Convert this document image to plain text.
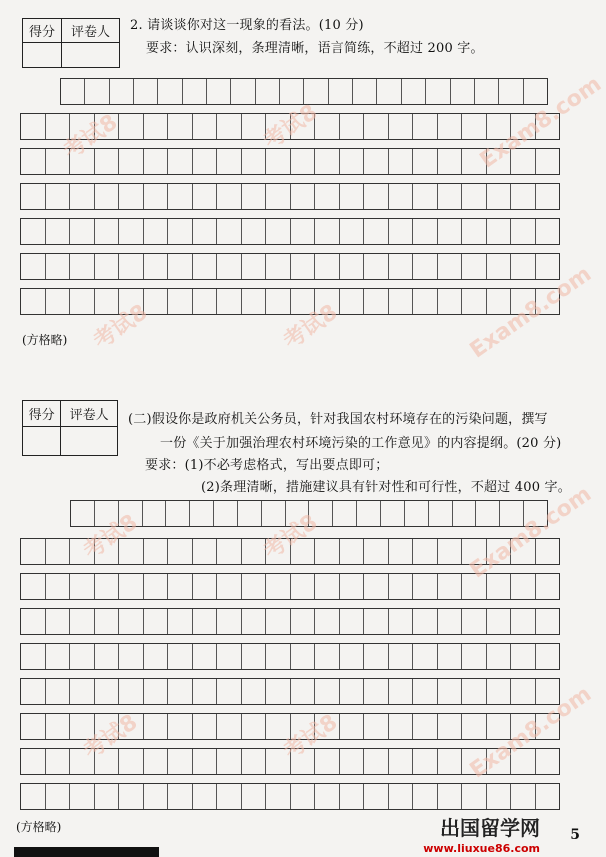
得分	评卷人
	2. 请谈谈你对这一现象的看法。(10 分)
要求：认识深刻，条理清晰，语言简练，不超过 200 字。
(方格略)
得分	评卷人
	(二)假设你是政府机关公务员，针对我国农村环境存在的污染问题，撰写
一份《关于加强治理农村环境污染的工作意见》的内容提纲。(20 分)
要求：(1)不必考虑格式，写出要点即可；
(2)条理清晰，措施建议具有针对性和可行性，不超过 400 字。
(方格略)
考试8	考试8	Exam8.com
考试8	考试8	Exam8.com
考试8	考试8	Exam8.com
考试8	考试8	Exam8.com
5
出国留学网
www.liuxue86.com
